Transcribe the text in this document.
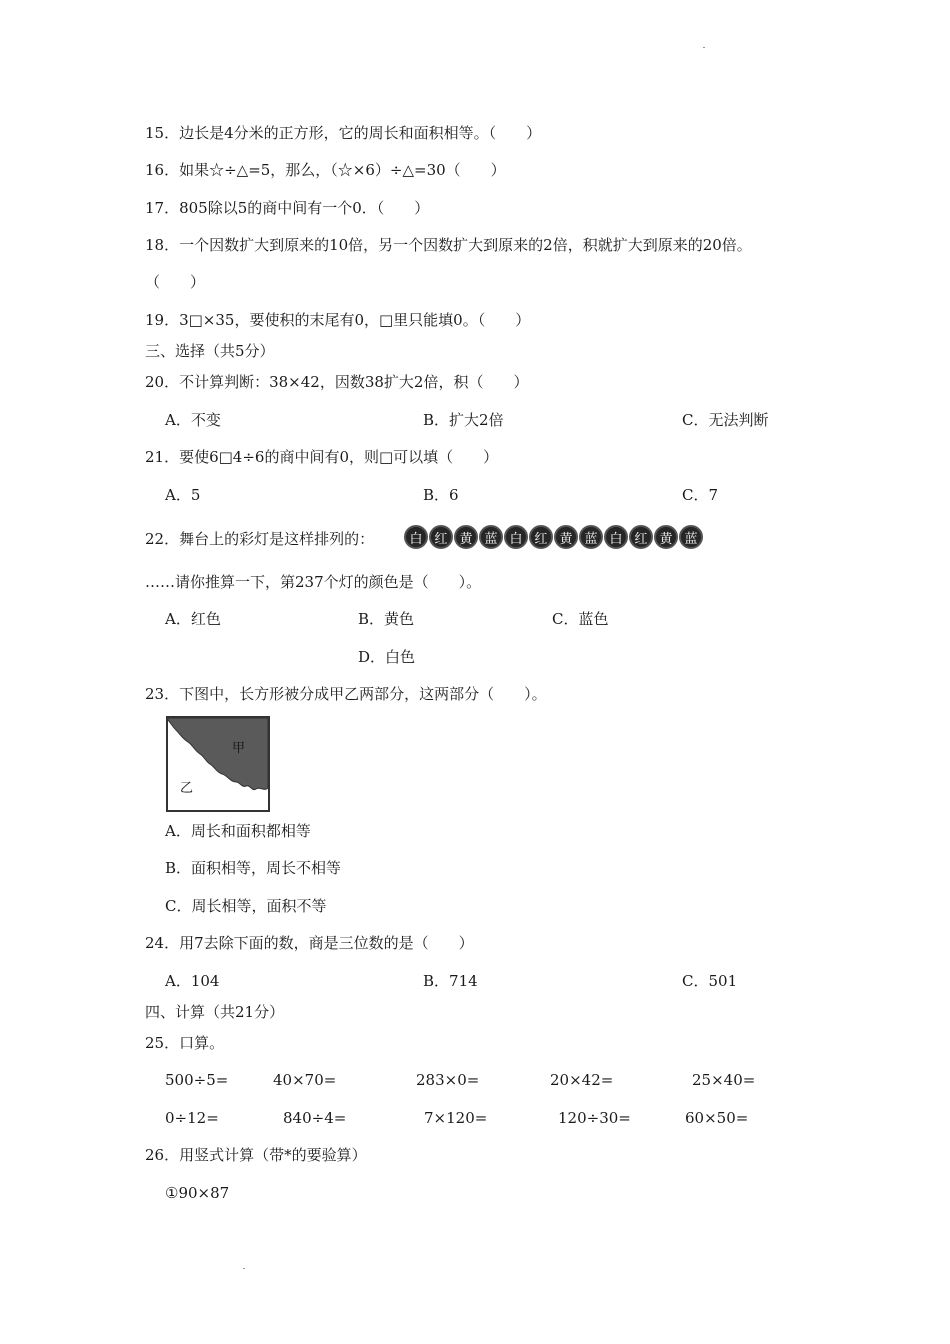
15．边长是4分米的正方形，它的周长和面积相等。（　　）
16．如果☆÷△=5，那么，（☆×6）÷△=30（　　）
17．805除以5的商中间有一个0．（　　）
18．一个因数扩大到原来的10倍，另一个因数扩大到原来的2倍，积就扩大到原来的20倍。
（　　）
19．3□×35，要使积的末尾有0，□里只能填0。（　　）
三、选择（共5分）
20．不计算判断：38×42，因数38扩大2倍，积（　　）
A．不变	B．扩大2倍	C．无法判断
21．要使6□4÷6的商中间有0，则□可以填（　　）
A．5	B．6	C．7
22．舞台上的彩灯是这样排列的：	白 红 黄 蓝 白 红 黄 蓝 白 红 黄 蓝
……请你推算一下，第237个灯的颜色是（　　）。
A．红色	B．黄色	C．蓝色
D．白色
23．下图中，长方形被分成甲乙两部分，这两部分（　　）。
甲
乙
A．周长和面积都相等
B．面积相等，周长不相等
C．周长相等，面积不等
24．用7去除下面的数，商是三位数的是（　　）
A．104	B．714	C．501
四、计算（共21分）
25．口算。
500÷5=	40×70=	283×0=	20×42=	25×40=
0÷12=	840÷4=	7×120=	120÷30=	60×50=
26．用竖式计算（带*的要验算）
①90×87
